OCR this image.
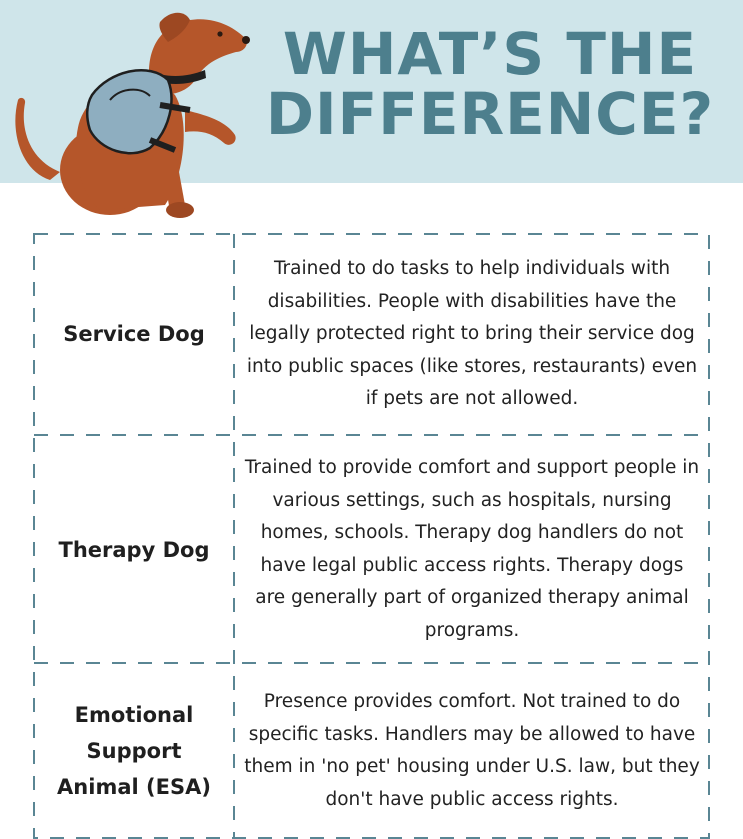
WHAT’S THE
DIFFERENCE?
Service Dog
Trained to do tasks to help individuals with disabilities. People with disabilities have the legally protected right to bring their service dog into public spaces (like stores, restaurants) even if pets are not allowed.
Therapy Dog
Trained to provide comfort and support people in various settings, such as hospitals, nursing homes, schools. Therapy dog handlers do not have legal public access rights. Therapy dogs are generally part of organized therapy animal programs.
Emotional
Support
Animal (ESA)
Presence provides comfort. Not trained to do specific tasks. Handlers may be allowed to have them in 'no pet' housing under U.S. law, but they don't have public access rights.
